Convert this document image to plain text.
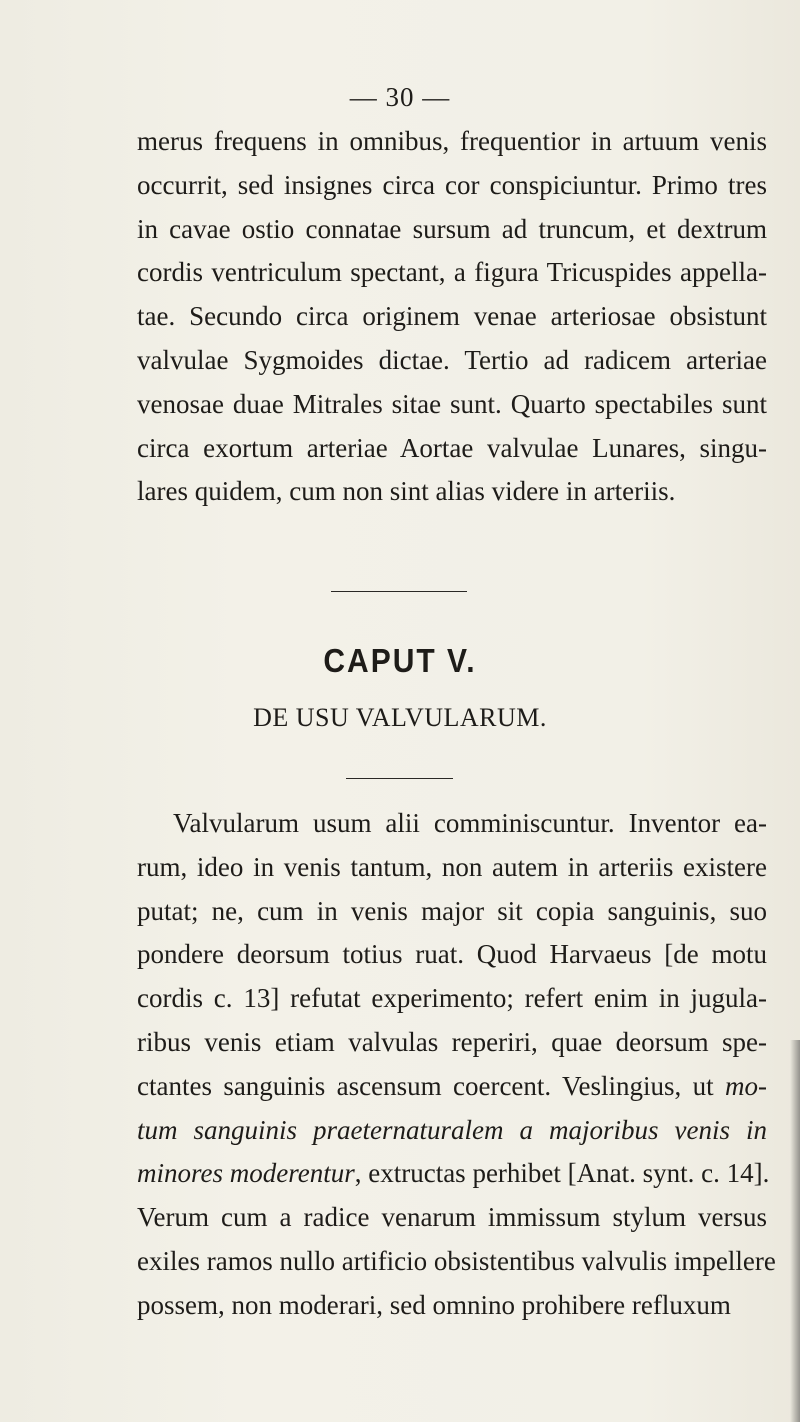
— 30 —
merus frequens in omnibus, frequentior in artuum venis
occurrit, sed insignes circa cor conspiciuntur. Primo tres
in cavae ostio connatae sursum ad truncum, et dextrum
cordis ventriculum spectant, a figura Tricuspides appella-
tae. Secundo circa originem venae arteriosae obsistunt
valvulae Sygmoides dictae. Tertio ad radicem arteriae
venosae duae Mitrales sitae sunt. Quarto spectabiles sunt
circa exortum arteriae Aortae valvulae Lunares, singu-
lares quidem, cum non sint alias videre in arteriis.
CAPUT V.
DE USU VALVULARUM.
Valvularum usum alii comminiscuntur. Inventor ea-
rum, ideo in venis tantum, non autem in arteriis existere
putat; ne, cum in venis major sit copia sanguinis, suo
pondere deorsum totius ruat. Quod Harvaeus [de motu
cordis c. 13] refutat experimento; refert enim in jugula-
ribus venis etiam valvulas reperiri, quae deorsum spe-
ctantes sanguinis ascensum coercent. Veslingius, ut mo-
tum sanguinis praeternaturalem a majoribus venis in
minores moderentur, extructas perhibet [Anat. synt. c. 14].
Verum cum a radice venarum immissum stylum versus
exiles ramos nullo artificio obsistentibus valvulis impellere
possem, non moderari, sed omnino prohibere refluxum
